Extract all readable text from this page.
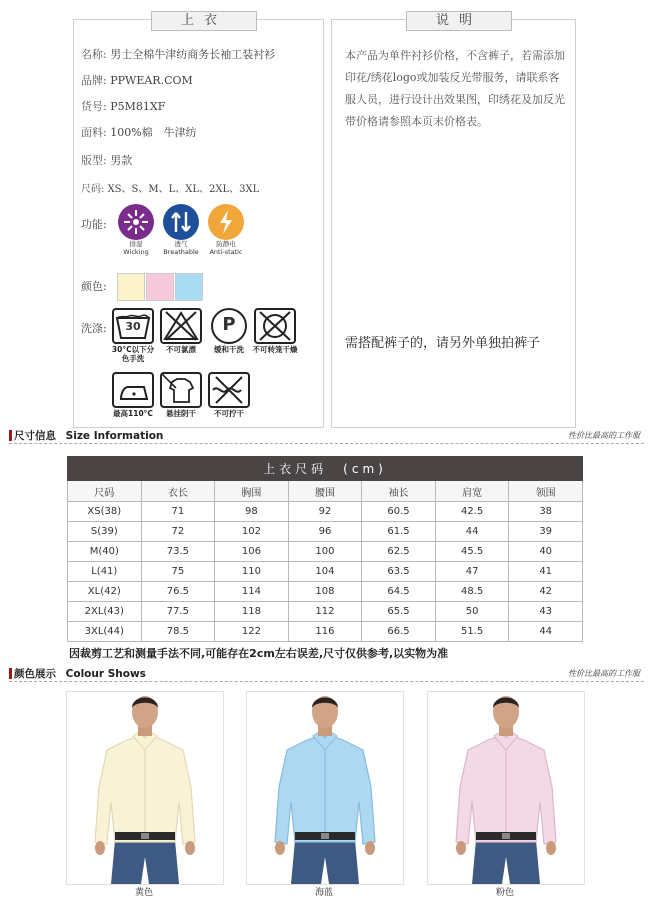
上衣
名称: 男士全棉牛津纺商务长袖工装衬衫
品牌: PPWEAR.COM
货号: P5M81XF
面料: 100%棉　牛津纺
版型: 男款
尺码: XS、S、M、L、XL、2XL、3XL
功能:
排湿
Wicking
透气
Breathable
防静电
Anti-static
颜色:
洗涤:	30
30°C以下分色手洗
不可氯漂
P
缓和干洗	不可转笼干燥
最高110°C	悬挂阴干	不可拧干
说明
本产品为单件衬衫价格，不含裤子，若需添加印花/绣花logo或加装反光带服务，请联系客服人员，进行设计出效果图，印绣花及加反光带价格请参照本页末价格表。
需搭配裤子的，请另外单独拍裤子
尺寸信息 Size Information	性价比最高的工作服
上衣尺码　(cm)						
尺码	衣长	胸围	腰围	袖长	肩宽	领围
XS(38)	71	98	92	60.5	42.5	38
S(39)	72	102	96	61.5	44	39
M(40)	73.5	106	100	62.5	45.5	40
L(41)	75	110	104	63.5	47	41
XL(42)	76.5	114	108	64.5	48.5	42
2XL(43)	77.5	118	112	65.5	50	43
3XL(44)	78.5	122	116	66.5	51.5	44
因裁剪工艺和测量手法不同,可能存在2cm左右误差,尺寸仅供参考,以实物为准
颜色展示 Colour Shows	性价比最高的工作服
黄色	海蓝	粉色
